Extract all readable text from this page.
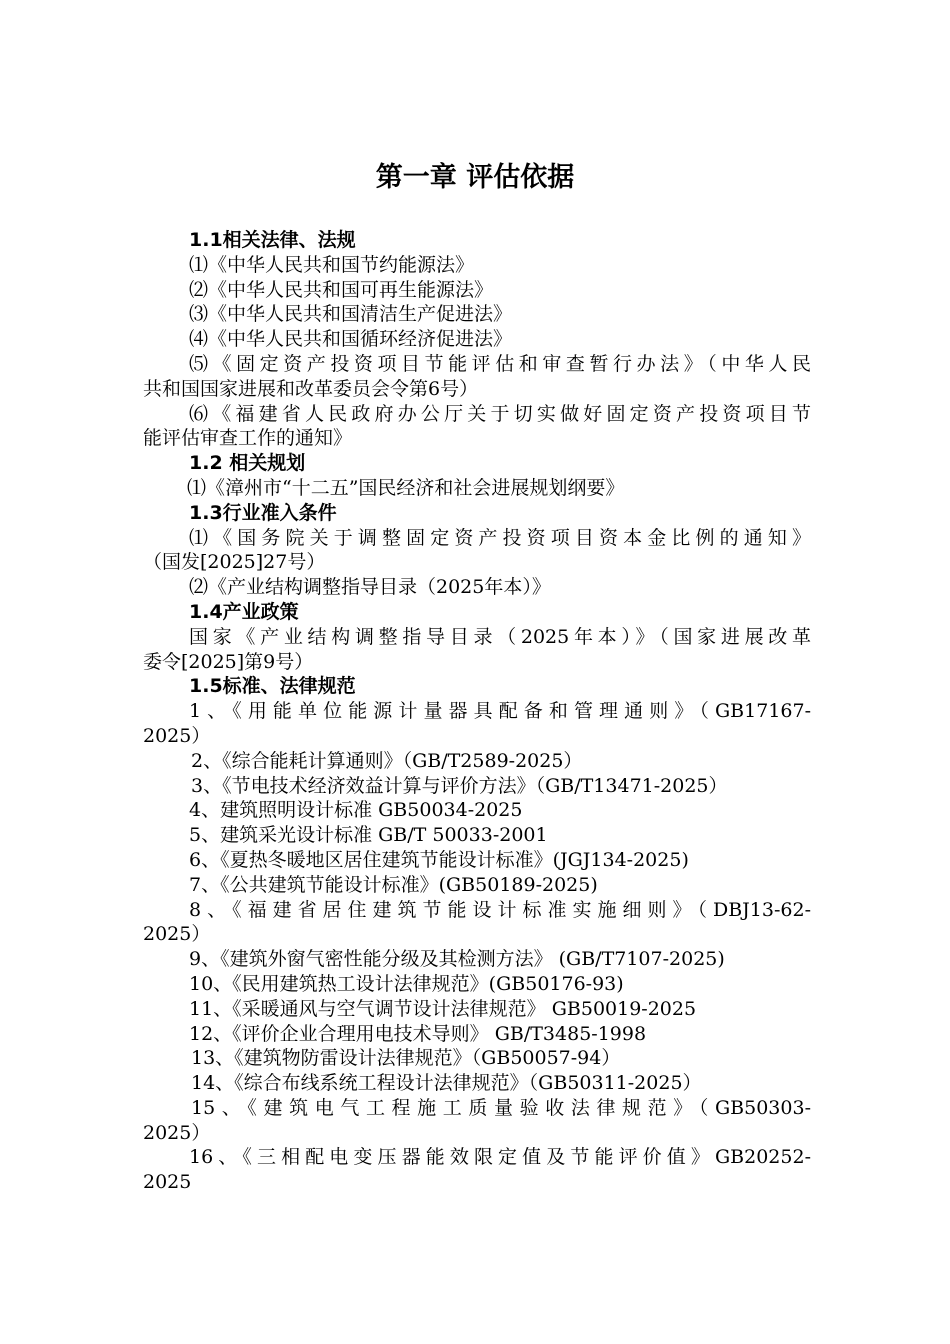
第一章 评估依据
1.1相关法律、法规
⑴《中华人民共和国节约能源法》
⑵《中华人民共和国可再生能源法》
⑶《中华人民共和国清洁生产促进法》
⑷《中华人民共和国循环经济促进法》
⑸《固定资产投资项目节能评估和审查暂行办法》（中华人民
共和国国家进展和改革委员会令第6号）
⑹《福建省人民政府办公厅关于切实做好固定资产投资项目节
能评估审查工作的通知》
1.2 相关规划
⑴《漳州市“十二五”国民经济和社会进展规划纲要》
1.3行业准入条件
⑴《国务院关于调整固定资产投资项目资本金比例的通知》
（国发[2025]27号）
⑵《产业结构调整指导目录（2025年本）》
1.4产业政策
国家《产业结构调整指导目录（2025年本）》（国家进展改革
委令[2025]第9号）
1.5标准、法律规范
1、《用能单位能源计量器具配备和管理通则》（GB17167-
2025）
2、《综合能耗计算通则》（GB/T2589-2025）
3、《节电技术经济效益计算与评价方法》（GB/T13471-2025）
4、建筑照明设计标准 GB50034-2025
5、建筑采光设计标准 GB/T 50033-2001
6、《夏热冬暖地区居住建筑节能设计标准》(JGJ134-2025)
7、《公共建筑节能设计标准》(GB50189-2025)
8、《福建省居住建筑节能设计标准实施细则》（DBJ13-62-
2025）
9、《建筑外窗气密性能分级及其检测方法》 (GB/T7107-2025)
10、《民用建筑热工设计法律规范》(GB50176-93)
11、《采暖通风与空气调节设计法律规范》 GB50019-2025
12、《评价企业合理用电技术导则》 GB/T3485-1998
13、《建筑物防雷设计法律规范》（GB50057-94）
14、《综合布线系统工程设计法律规范》（GB50311-2025）
15、《建筑电气工程施工质量验收法律规范》（GB50303-
2025）
16、《三相配电变压器能效限定值及节能评价值》GB20252-
2025
